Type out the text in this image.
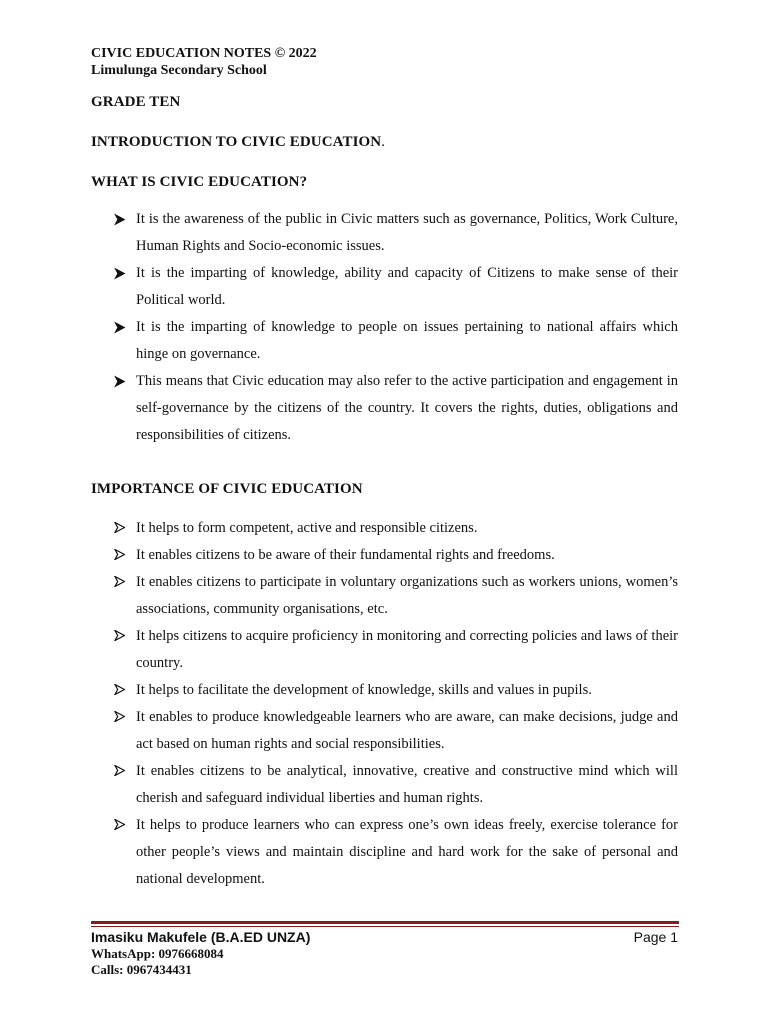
CIVIC EDUCATION NOTES © 2022
Limulunga Secondary School
GRADE TEN
INTRODUCTION TO CIVIC EDUCATION.
WHAT IS CIVIC EDUCATION?
It is the awareness of the public in Civic matters such as governance, Politics, Work Culture, Human Rights and Socio-economic issues.
It is the imparting of knowledge, ability and capacity of Citizens to make sense of their Political world.
It is the imparting of knowledge to people on issues pertaining to national affairs which hinge on governance.
This means that Civic education may also refer to the active participation and engagement in self-governance by the citizens of the country. It covers the rights, duties, obligations and responsibilities of citizens.
IMPORTANCE OF CIVIC EDUCATION
It helps to form competent, active and responsible citizens.
It enables citizens to be aware of their fundamental rights and freedoms.
It enables citizens to participate in voluntary organizations such as workers unions, women’s associations, community organisations, etc.
It helps citizens to acquire proficiency in monitoring and correcting policies and laws of their country.
It helps to facilitate the development of knowledge, skills and values in pupils.
It enables to produce knowledgeable learners who are aware, can make decisions, judge and act based on human rights and social responsibilities.
It enables citizens to be analytical, innovative, creative and constructive mind which will cherish and safeguard individual liberties and human rights.
It helps to produce learners who can express one’s own ideas freely, exercise tolerance for other people’s views and maintain discipline and hard work for the sake of personal and national development.
Imasiku Makufele (B.A.ED UNZA)	Page 1
WhatsApp: 0976668084
Calls: 0967434431
